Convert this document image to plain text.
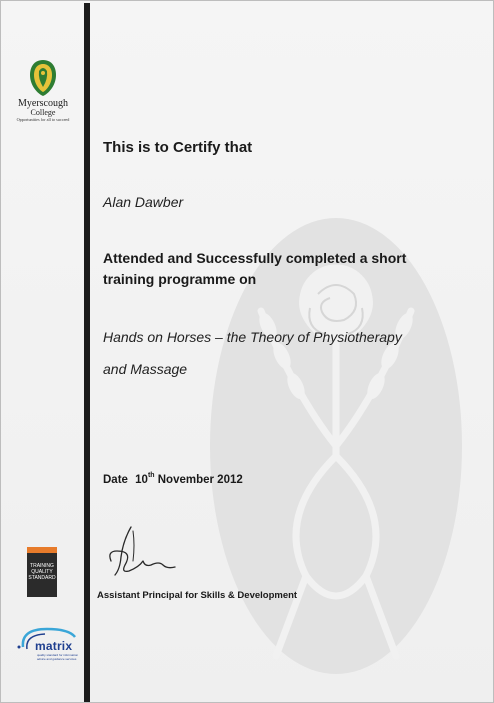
Myerscough
College
Opportunities for all to succeed
This is to Certify that
Alan Dawber
Attended and Successfully completed a short
training programme on
Hands on Horses – the Theory of Physiotherapy
and Massage
Date 10th November 2012
Assistant Principal for Skills & Development
TRAINING
QUALITY
STANDARD
matrix
quality standard for information
advice and guidance services
